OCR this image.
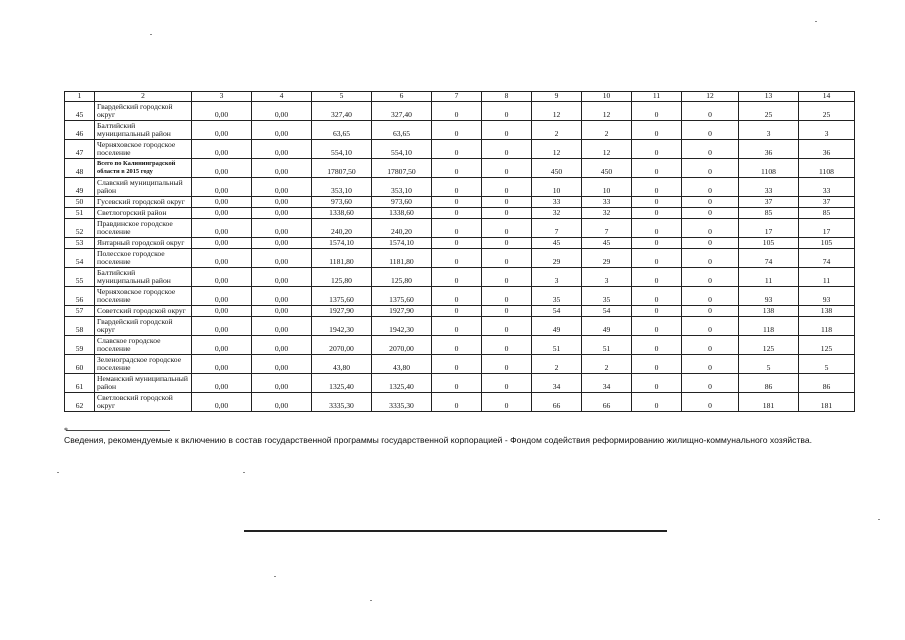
1	2	3	4	5	6	7	8	9	10	11	12	13	14
45	Гвардейский городской округ	0,00	0,00	327,40	327,40	0	0	12	12	0	0	25	25
46	Балтийский муниципальный район	0,00	0,00	63,65	63,65	0	0	2	2	0	0	3	3
47	Черняховское городское поселение	0,00	0,00	554,10	554,10	0	0	12	12	0	0	36	36
48	Всего по Калининградской области в 2015 году	0,00	0,00	17807,50	17807,50	0	0	450	450	0	0	1108	1108
49	Славский муниципальный район	0,00	0,00	353,10	353,10	0	0	10	10	0	0	33	33
50	Гусевский городской округ	0,00	0,00	973,60	973,60	0	0	33	33	0	0	37	37
51	Светлогорский район	0,00	0,00	1338,60	1338,60	0	0	32	32	0	0	85	85
52	Правдинское городское поселение	0,00	0,00	240,20	240,20	0	0	7	7	0	0	17	17
53	Янтарный городской округ	0,00	0,00	1574,10	1574,10	0	0	45	45	0	0	105	105
54	Полесское городское поселение	0,00	0,00	1181,80	1181,80	0	0	29	29	0	0	74	74
55	Балтийский муниципальный район	0,00	0,00	125,80	125,80	0	0	3	3	0	0	11	11
56	Черняховское городское поселение	0,00	0,00	1375,60	1375,60	0	0	35	35	0	0	93	93
57	Советский городской округ	0,00	0,00	1927,90	1927,90	0	0	54	54	0	0	138	138
58	Гвардейский городской округ	0,00	0,00	1942,30	1942,30	0	0	49	49	0	0	118	118
59	Славское городское поселение	0,00	0,00	2070,00	2070,00	0	0	51	51	0	0	125	125
60	Зеленоградское городское поселение	0,00	0,00	43,80	43,80	0	0	2	2	0	0	5	5
61	Неманский муниципальный район	0,00	0,00	1325,40	1325,40	0	0	34	34	0	0	86	86
62	Светловский городской округ	0,00	0,00	3335,30	3335,30	0	0	66	66	0	0	181	181
*
Сведения, рекомендуемые к включению в состав государственной программы государственной корпорацией - Фондом содействия реформированию жилищно-коммунального хозяйства.
